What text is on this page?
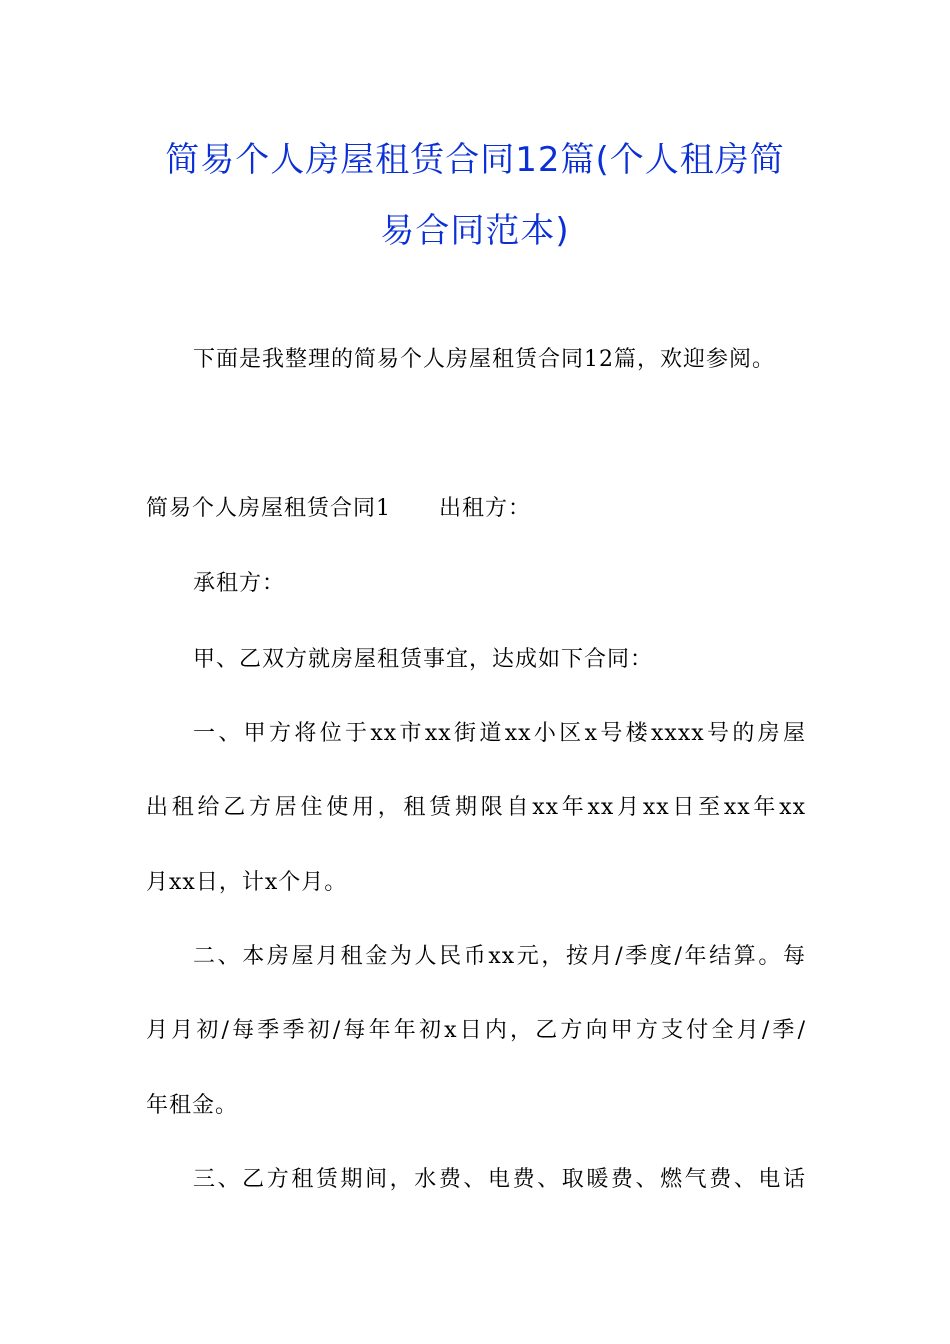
简易个人房屋租赁合同12篇(个人租房简
易合同范本)

下面是我整理的简易个人房屋租赁合同12篇，欢迎参阅。

简易个人房屋租赁合同1 出租方：

承租方：

甲、乙双方就房屋租赁事宜，达成如下合同：

一、甲方将位于xx市xx街道xx小区x号楼xxxx号的房屋

出租给乙方居住使用，租赁期限自xx年xx月xx日至xx年xx

月xx日，计x个月。

二、本房屋月租金为人民币xx元，按月/季度/年结算。每

月月初/每季季初/每年年初x日内，乙方向甲方支付全月/季/

年租金。

三、乙方租赁期间，水费、电费、取暖费、燃气费、电话
